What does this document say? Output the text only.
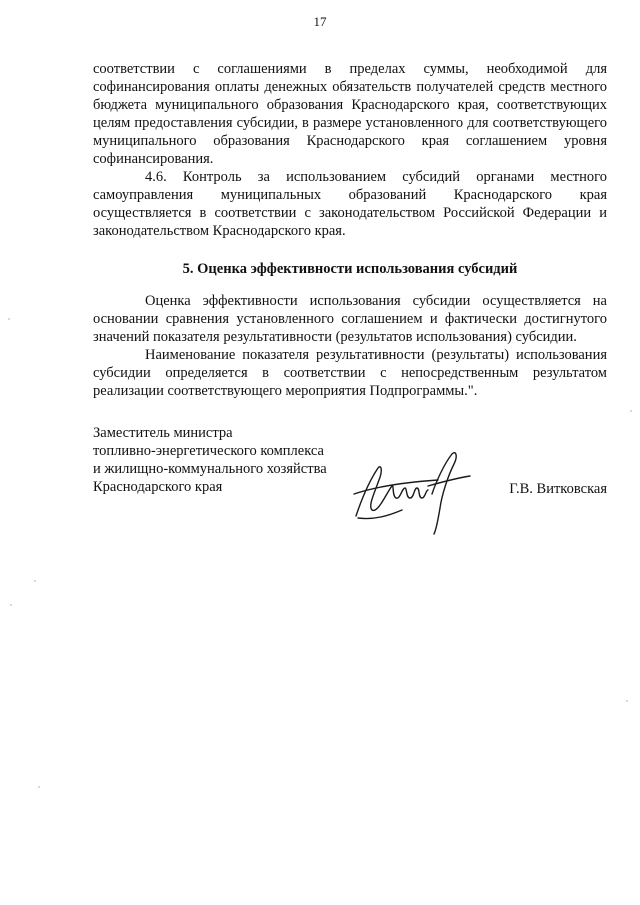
17

соответствии с соглашениями в пределах суммы, необходимой для софинансирования оплаты денежных обязательств получателей средств местного бюджета муниципального образования Краснодарского края, соответствующих целям предоставления субсидии, в размере установленного для соответствующего муниципального образования Краснодарского края соглашением уровня софинансирования.

4.6. Контроль за использованием субсидий органами местного самоуправления муниципальных образований Краснодарского края осуществляется в соответствии с законодательством Российской Федерации и законодательством Краснодарского края.

5. Оценка эффективности использования субсидий

Оценка эффективности использования субсидии осуществляется на основании сравнения установленного соглашением и фактически достигнутого значений показателя результативности (результатов использования) субсидии.

Наименование показателя результативности (результаты) использования субсидии определяется в соответствии с непосредственным результатом реализации соответствующего мероприятия Подпрограммы.".

Заместитель министра
топливно-энергетического комплекса
и жилищно-коммунального хозяйства
Краснодарского края	Г.В. Витковская
